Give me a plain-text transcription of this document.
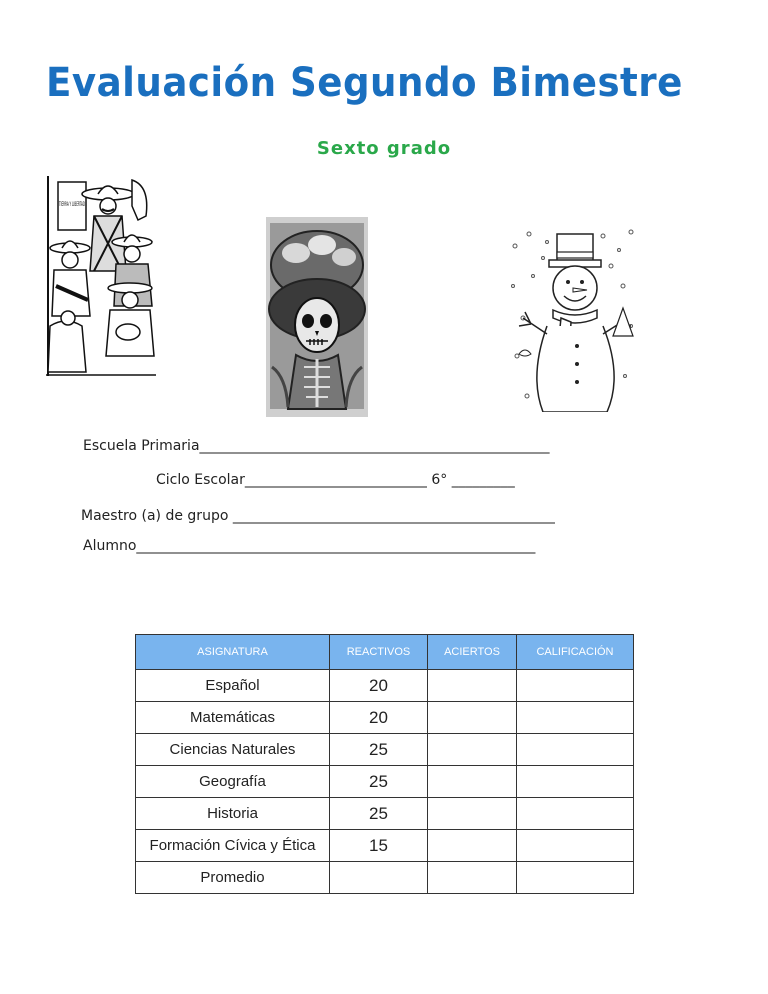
Evaluación Segundo Bimestre
Sexto grado
TIERRA Y LIBERTAD
Escuela Primaria__________________________________________________
Ciclo Escolar__________________________ 6° _________
Maestro (a) de grupo ______________________________________________
Alumno_________________________________________________________
ASIGNATURA	REACTIVOS	ACIERTOS	CALIFICACIÓN
Español	20		
Matemáticas	20		
Ciencias Naturales	25		
Geografía	25		
Historia	25		
Formación Cívica y Ética	15		
Promedio			
